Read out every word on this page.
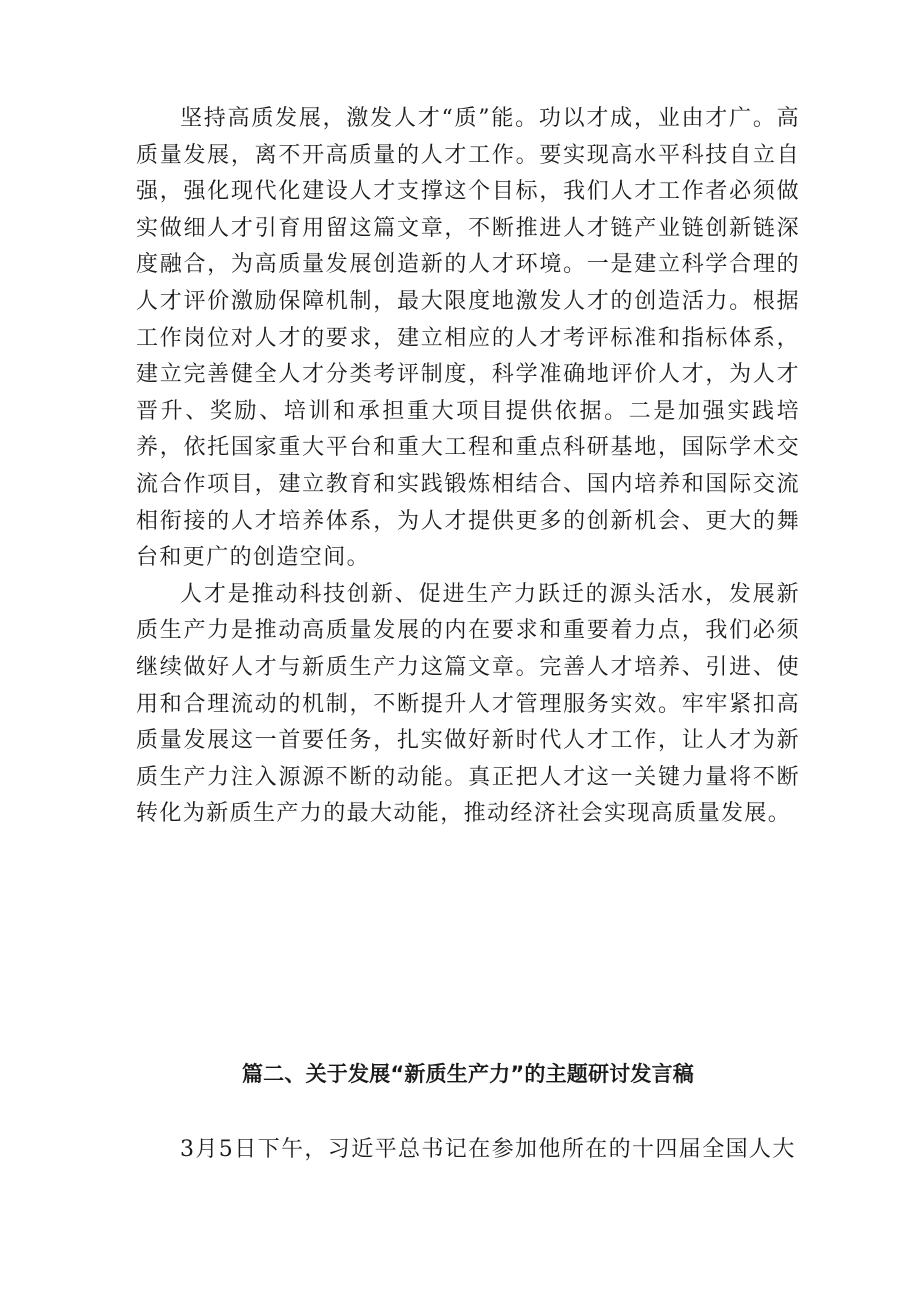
坚持高质发展，激发人才“质”能。功以才成，业由才广。高质量发展，离不开高质量的人才工作。要实现高水平科技自立自强，强化现代化建设人才支撑这个目标，我们人才工作者必须做实做细人才引育用留这篇文章，不断推进人才链产业链创新链深度融合，为高质量发展创造新的人才环境。一是建立科学合理的人才评价激励保障机制，最大限度地激发人才的创造活力。根据工作岗位对人才的要求，建立相应的人才考评标准和指标体系，建立完善健全人才分类考评制度，科学准确地评价人才，为人才晋升、奖励、培训和承担重大项目提供依据。二是加强实践培养，依托国家重大平台和重大工程和重点科研基地，国际学术交流合作项目，建立教育和实践锻炼相结合、国内培养和国际交流相衔接的人才培养体系，为人才提供更多的创新机会、更大的舞台和更广的创造空间。

人才是推动科技创新、促进生产力跃迁的源头活水，发展新质生产力是推动高质量发展的内在要求和重要着力点，我们必须继续做好人才与新质生产力这篇文章。完善人才培养、引进、使用和合理流动的机制，不断提升人才管理服务实效。牢牢紧扣高质量发展这一首要任务，扎实做好新时代人才工作，让人才为新质生产力注入源源不断的动能。真正把人才这一关键力量将不断转化为新质生产力的最大动能，推动经济社会实现高质量发展。

篇二、关于发展“新质生产力”的主题研讨发言稿

3月5日下午，习近平总书记在参加他所在的十四届全国人大
